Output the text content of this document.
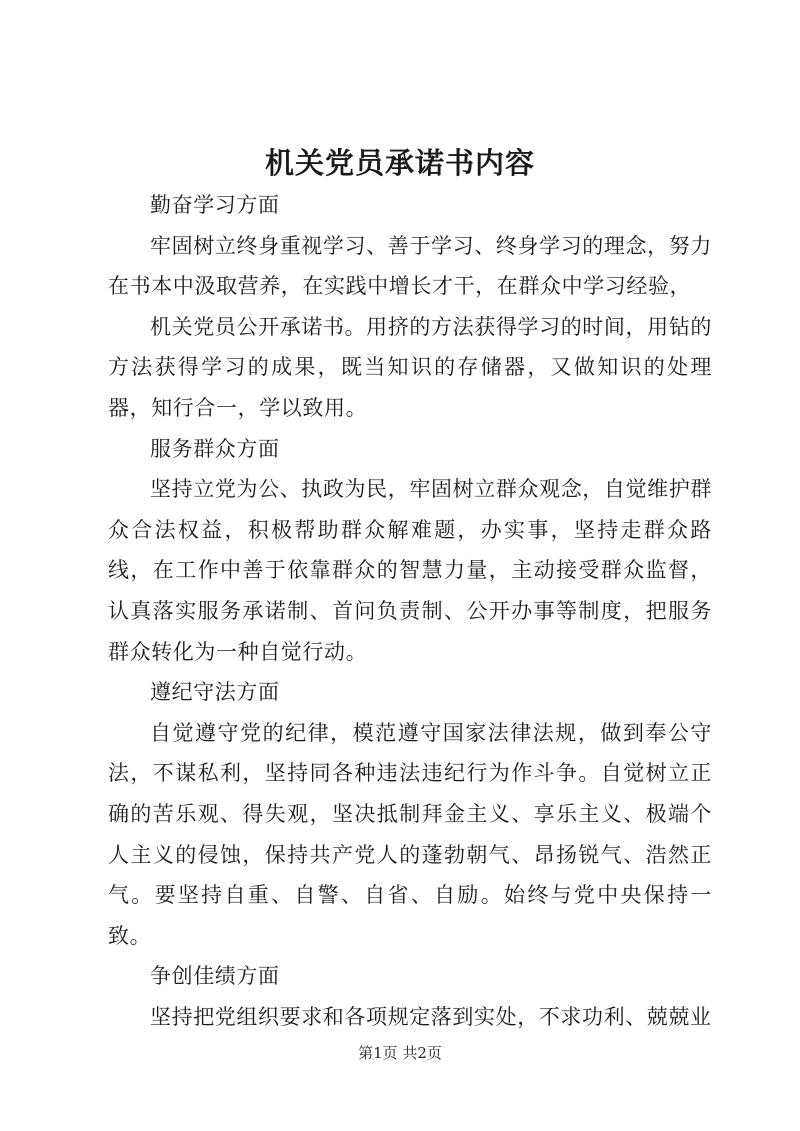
机关党员承诺书内容

勤奋学习方面

牢固树立终身重视学习、善于学习、终身学习的理念，努力在书本中汲取营养，在实践中增长才干，在群众中学习经验，

机关党员公开承诺书。用挤的方法获得学习的时间，用钻的方法获得学习的成果，既当知识的存储器，又做知识的处理器，知行合一，学以致用。

服务群众方面

坚持立党为公、执政为民，牢固树立群众观念，自觉维护群众合法权益，积极帮助群众解难题，办实事，坚持走群众路线，在工作中善于依靠群众的智慧力量，主动接受群众监督，认真落实服务承诺制、首问负责制、公开办事等制度，把服务群众转化为一种自觉行动。

遵纪守法方面

自觉遵守党的纪律，模范遵守国家法律法规，做到奉公守法，不谋私利，坚持同各种违法违纪行为作斗争。自觉树立正确的苦乐观、得失观，坚决抵制拜金主义、享乐主义、极端个人主义的侵蚀，保持共产党人的蓬勃朝气、昂扬锐气、浩然正气。要坚持自重、自警、自省、自励。始终与党中央保持一致。

争创佳绩方面

坚持把党组织要求和各项规定落到实处，不求功利、兢兢业

第1页 共2页
